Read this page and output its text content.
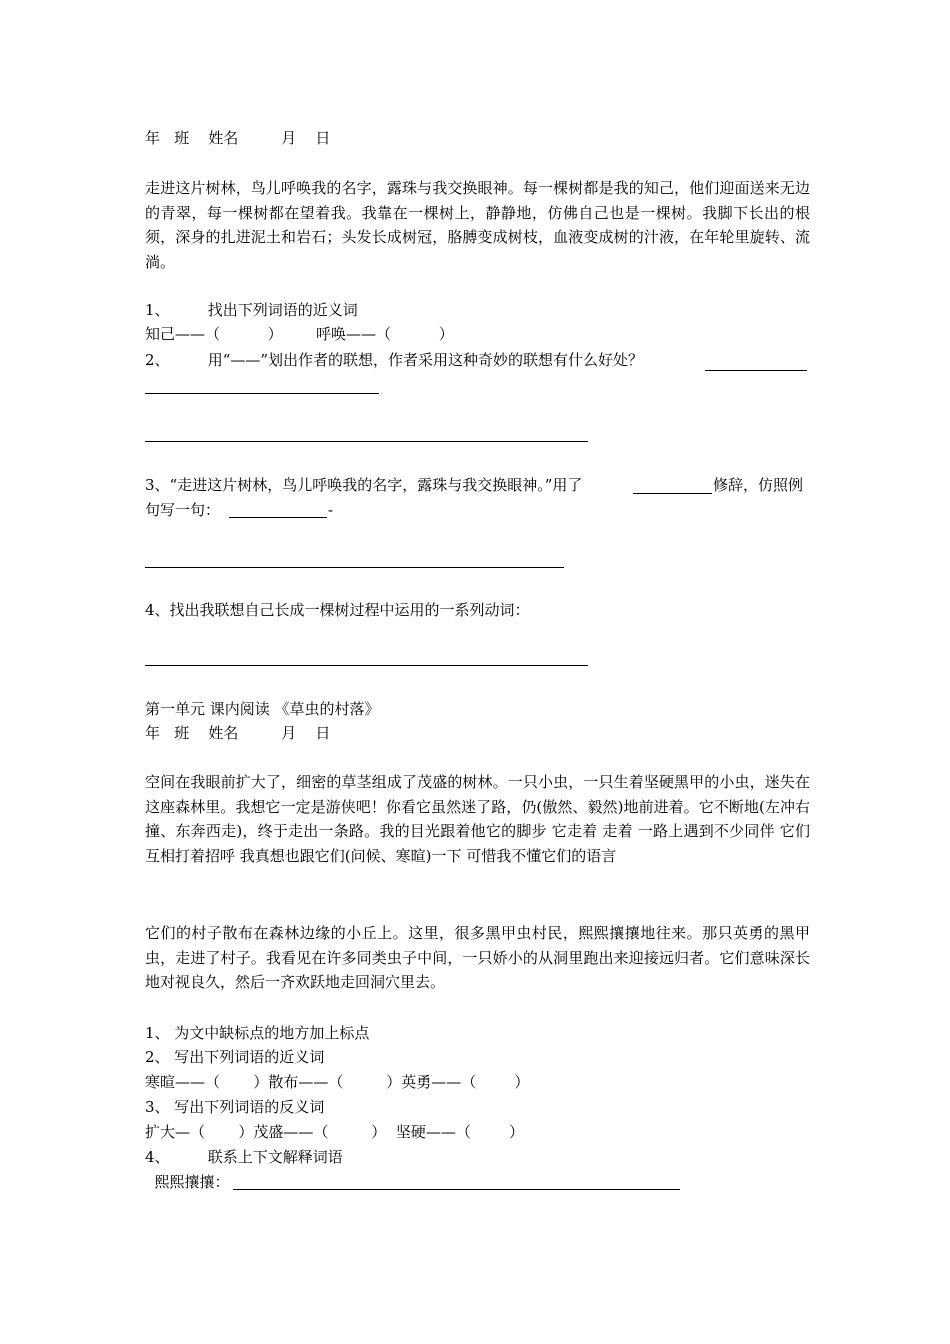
年   班    姓名         月    日
走进这片树林，鸟儿呼唤我的名字，露珠与我交换眼神。每一棵树都是我的知己，他们迎面送来无边的青翠，每一棵树都在望着我。我靠在一棵树上，静静地，仿佛自己也是一棵树。我脚下长出的根须，深身的扎进泥土和岩石；头发长成树冠，胳膊变成树枝，血液变成树的汁液，在年轮里旋转、流淌。
1、        找出下列词语的近义词
知己——（          ）       呼唤——（          ）
2、        用“——”划出作者的联想，作者采用这种奇妙的联想有什么好处？
3、“走进这片树林，鸟儿呼唤我的名字，露珠与我交换眼神。”用了	修辞，仿照例
句写一句：	-
4、找出我联想自己长成一棵树过程中运用的一系列动词：
第一单元 课内阅读 《草虫的村落》
年   班    姓名         月    日
空间在我眼前扩大了，细密的草茎组成了茂盛的树林。一只小虫，一只生着坚硬黑甲的小虫，迷失在这座森林里。我想它一定是游侠吧！你看它虽然迷了路，仍(傲然、毅然)地前进着。它不断地(左冲右撞、东奔西走)，终于走出一条路。我的目光跟着他它的脚步 它走着 走着 一路上遇到不少同伴 它们互相打着招呼 我真想也跟它们(问候、寒暄)一下 可惜我不懂它们的语言
它们的村子散布在森林边缘的小丘上。这里，很多黑甲虫村民，熙熙攘攘地往来。那只英勇的黑甲虫，走进了村子。我看见在许多同类虫子中间，一只娇小的从洞里跑出来迎接远归者。它们意味深长地对视良久，然后一齐欢跃地走回洞穴里去。
1、 为文中缺标点的地方加上标点
2、 写出下列词语的近义词
寒暄——（       ）散布——（         ）英勇——（        ）
3、 写出下列词语的反义词
扩大—（       ）茂盛——（         ）  坚硬——（        ）
4、        联系上下文解释词语
熙熙攘攘：
